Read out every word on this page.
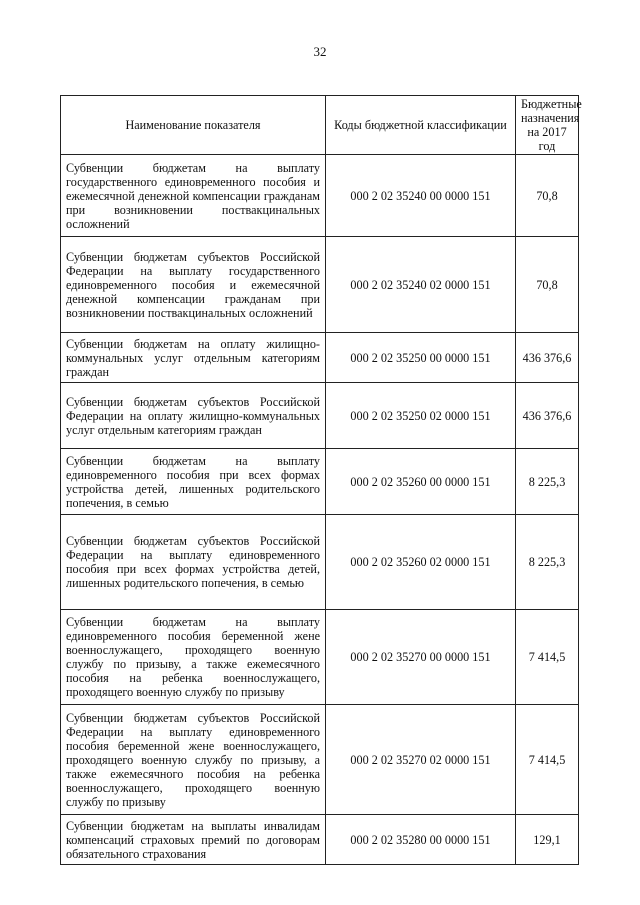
32
Наименование показателя	Коды бюджетной классификации	Бюджетные назначения на 2017 год
Субвенции бюджетам на выплату государственного единовременного пособия и ежемесячной денежной компенсации гражданам при возникновении поствакцинальных осложнений	000 2 02 35240 00 0000 151	70,8
Субвенции бюджетам субъектов Российской Федерации на выплату государственного единовременного пособия и ежемесячной денежной компенсации гражданам при возникновении поствакцинальных осложнений	000 2 02 35240 02 0000 151	70,8
Субвенции бюджетам на оплату жилищно-коммунальных услуг отдельным категориям граждан	000 2 02 35250 00 0000 151	436 376,6
Субвенции бюджетам субъектов Российской Федерации на оплату жилищно-коммунальных услуг отдельным категориям граждан	000 2 02 35250 02 0000 151	436 376,6
Субвенции бюджетам на выплату единовременного пособия при всех формах устройства детей, лишенных родительского попечения, в семью	000 2 02 35260 00 0000 151	8 225,3
Субвенции бюджетам субъектов Российской Федерации на выплату единовременного пособия при всех формах устройства детей, лишенных родительского попечения, в семью	000 2 02 35260 02 0000 151	8 225,3
Субвенции бюджетам на выплату единовременного пособия беременной жене военнослужащего, проходящего военную службу по призыву, а также ежемесячного пособия на ребенка военнослужащего, проходящего военную службу по призыву	000 2 02 35270 00 0000 151	7 414,5
Субвенции бюджетам субъектов Российской Федерации на выплату единовременного пособия беременной жене военнослужащего, проходящего военную службу по призыву, а также ежемесячного пособия на ребенка военнослужащего, проходящего военную службу по призыву	000 2 02 35270 02 0000 151	7 414,5
Субвенции бюджетам на выплаты инвалидам компенсаций страховых премий по договорам обязательного страхования	000 2 02 35280 00 0000 151	129,1
